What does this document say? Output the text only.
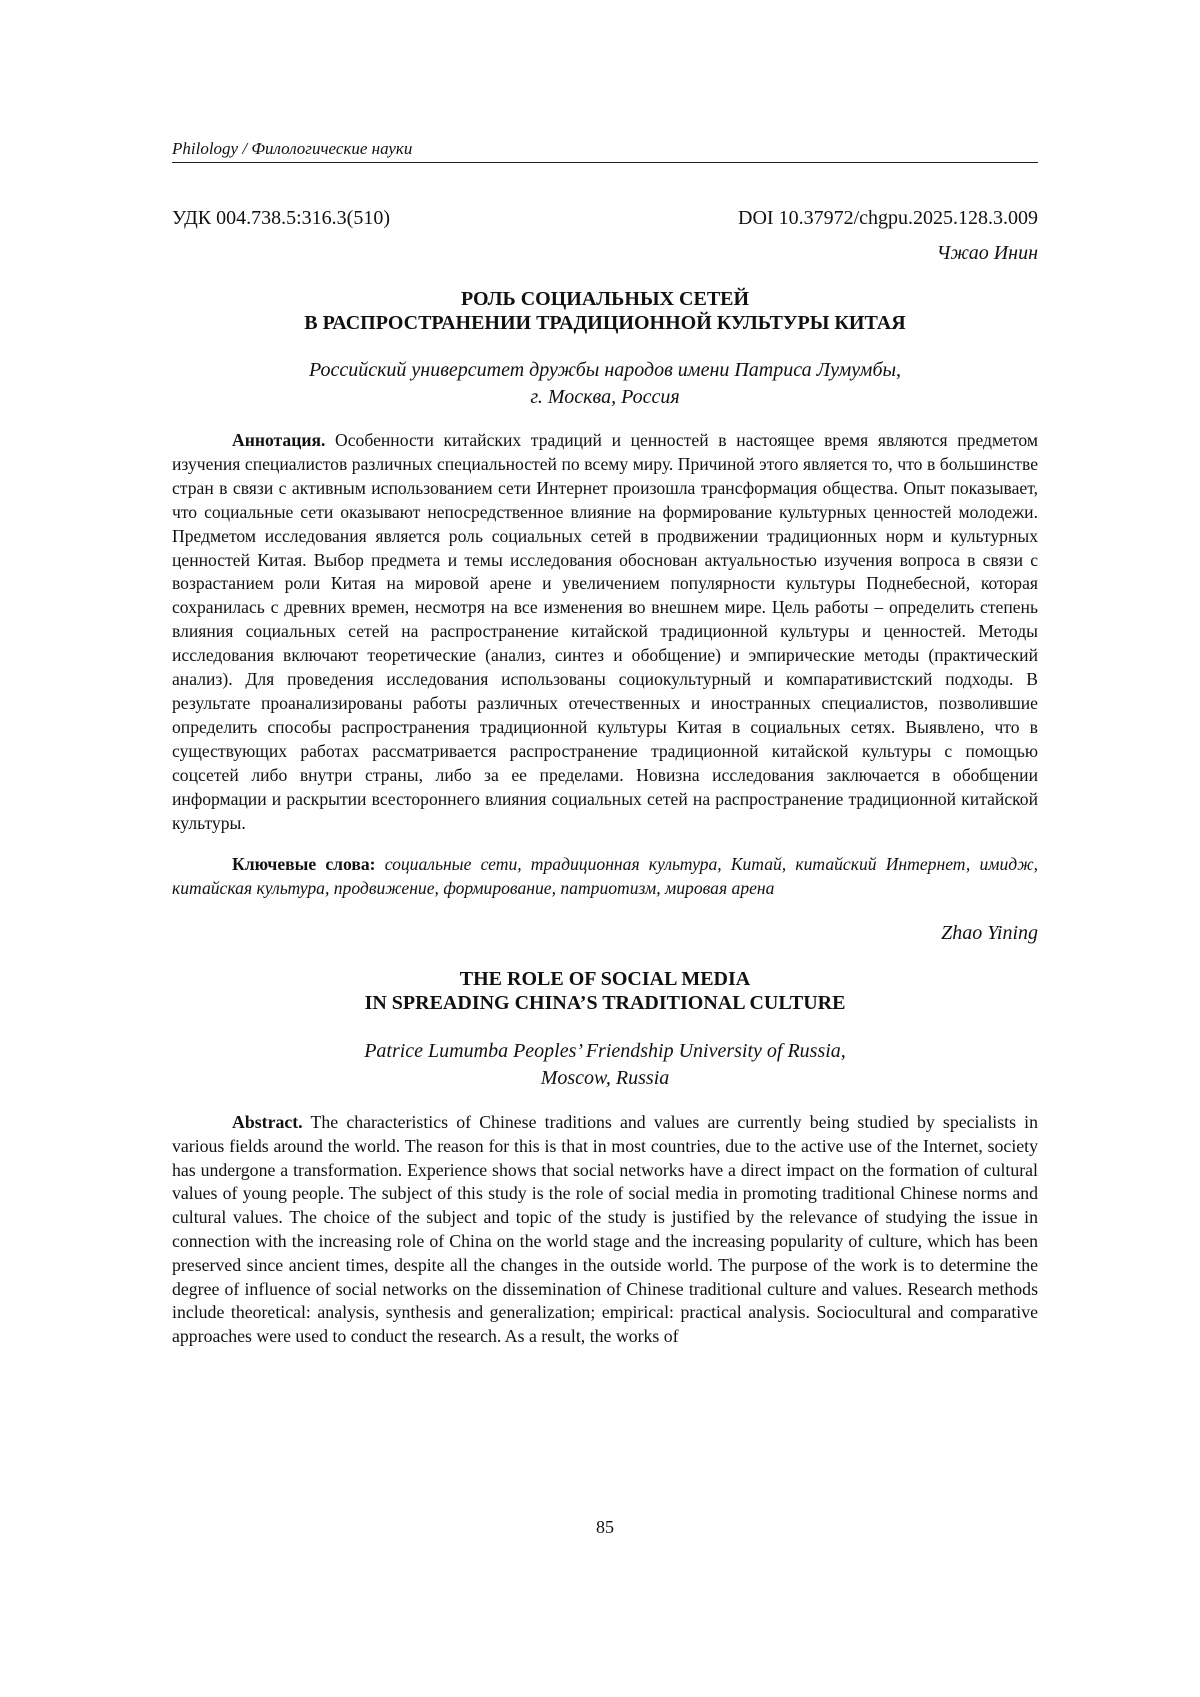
Philology / Филологические науки
УДК 004.738.5:316.3(510)	DOI 10.37972/chgpu.2025.128.3.009
Чжао Инин
РОЛЬ СОЦИАЛЬНЫХ СЕТЕЙ
В РАСПРОСТРАНЕНИИ ТРАДИЦИОННОЙ КУЛЬТУРЫ КИТАЯ
Российский университет дружбы народов имени Патриса Лумумбы,
г. Москва, Россия

Аннотация. Особенности китайских традиций и ценностей в настоящее время являются предметом изучения специалистов различных специальностей по всему миру. Причиной этого является то, что в большинстве стран в связи с активным использованием сети Интернет произошла трансформация общества. Опыт показывает, что социальные сети оказывают непосредственное влияние на формирование культурных ценностей молодежи. Предметом исследования является роль социальных сетей в продвижении традиционных норм и культурных ценностей Китая. Выбор предмета и темы исследования обоснован актуальностью изучения вопроса в связи с возрастанием роли Китая на мировой арене и увеличением популярности культуры Поднебесной, которая сохранилась с древних времен, несмотря на все изменения во внешнем мире. Цель работы – определить степень влияния социальных сетей на распространение китайской традиционной культуры и ценностей. Методы исследования включают теоретические (анализ, синтез и обобщение) и эмпирические методы (практический анализ). Для проведения исследования использованы социокультурный и компаративистский подходы. В результате проанализированы работы различных отечественных и иностранных специалистов, позволившие определить способы распространения традиционной культуры Китая в социальных сетях. Выявлено, что в существующих работах рассматривается распространение традиционной китайской культуры с помощью соцсетей либо внутри страны, либо за ее пределами. Новизна исследования заключается в обобщении информации и раскрытии всестороннего влияния социальных сетей на распространение традиционной китайской культуры.

Ключевые слова: социальные сети, традиционная культура, Китай, китайский Интернет, имидж, китайская культура, продвижение, формирование, патриотизм, мировая арена

Zhao Yining
THE ROLE OF SOCIAL MEDIA
IN SPREADING CHINA’S TRADITIONAL CULTURE
Patrice Lumumba Peoples’ Friendship University of Russia,
Moscow, Russia

Abstract. The characteristics of Chinese traditions and values are currently being studied by specialists in various fields around the world. The reason for this is that in most countries, due to the active use of the Internet, society has undergone a transformation. Experience shows that social networks have a direct impact on the formation of cultural values of young people. The subject of this study is the role of social media in promoting traditional Chinese norms and cultural values. The choice of the subject and topic of the study is justified by the relevance of studying the issue in connection with the increasing role of China on the world stage and the increasing popularity of culture, which has been preserved since ancient times, despite all the changes in the outside world. The purpose of the work is to determine the degree of influence of social networks on the dissemination of Chinese traditional culture and values. Research methods include theoretical: analysis, synthesis and generalization; empirical: practical analysis. Sociocultural and comparative approaches were used to conduct the research. As a result, the works of

85
